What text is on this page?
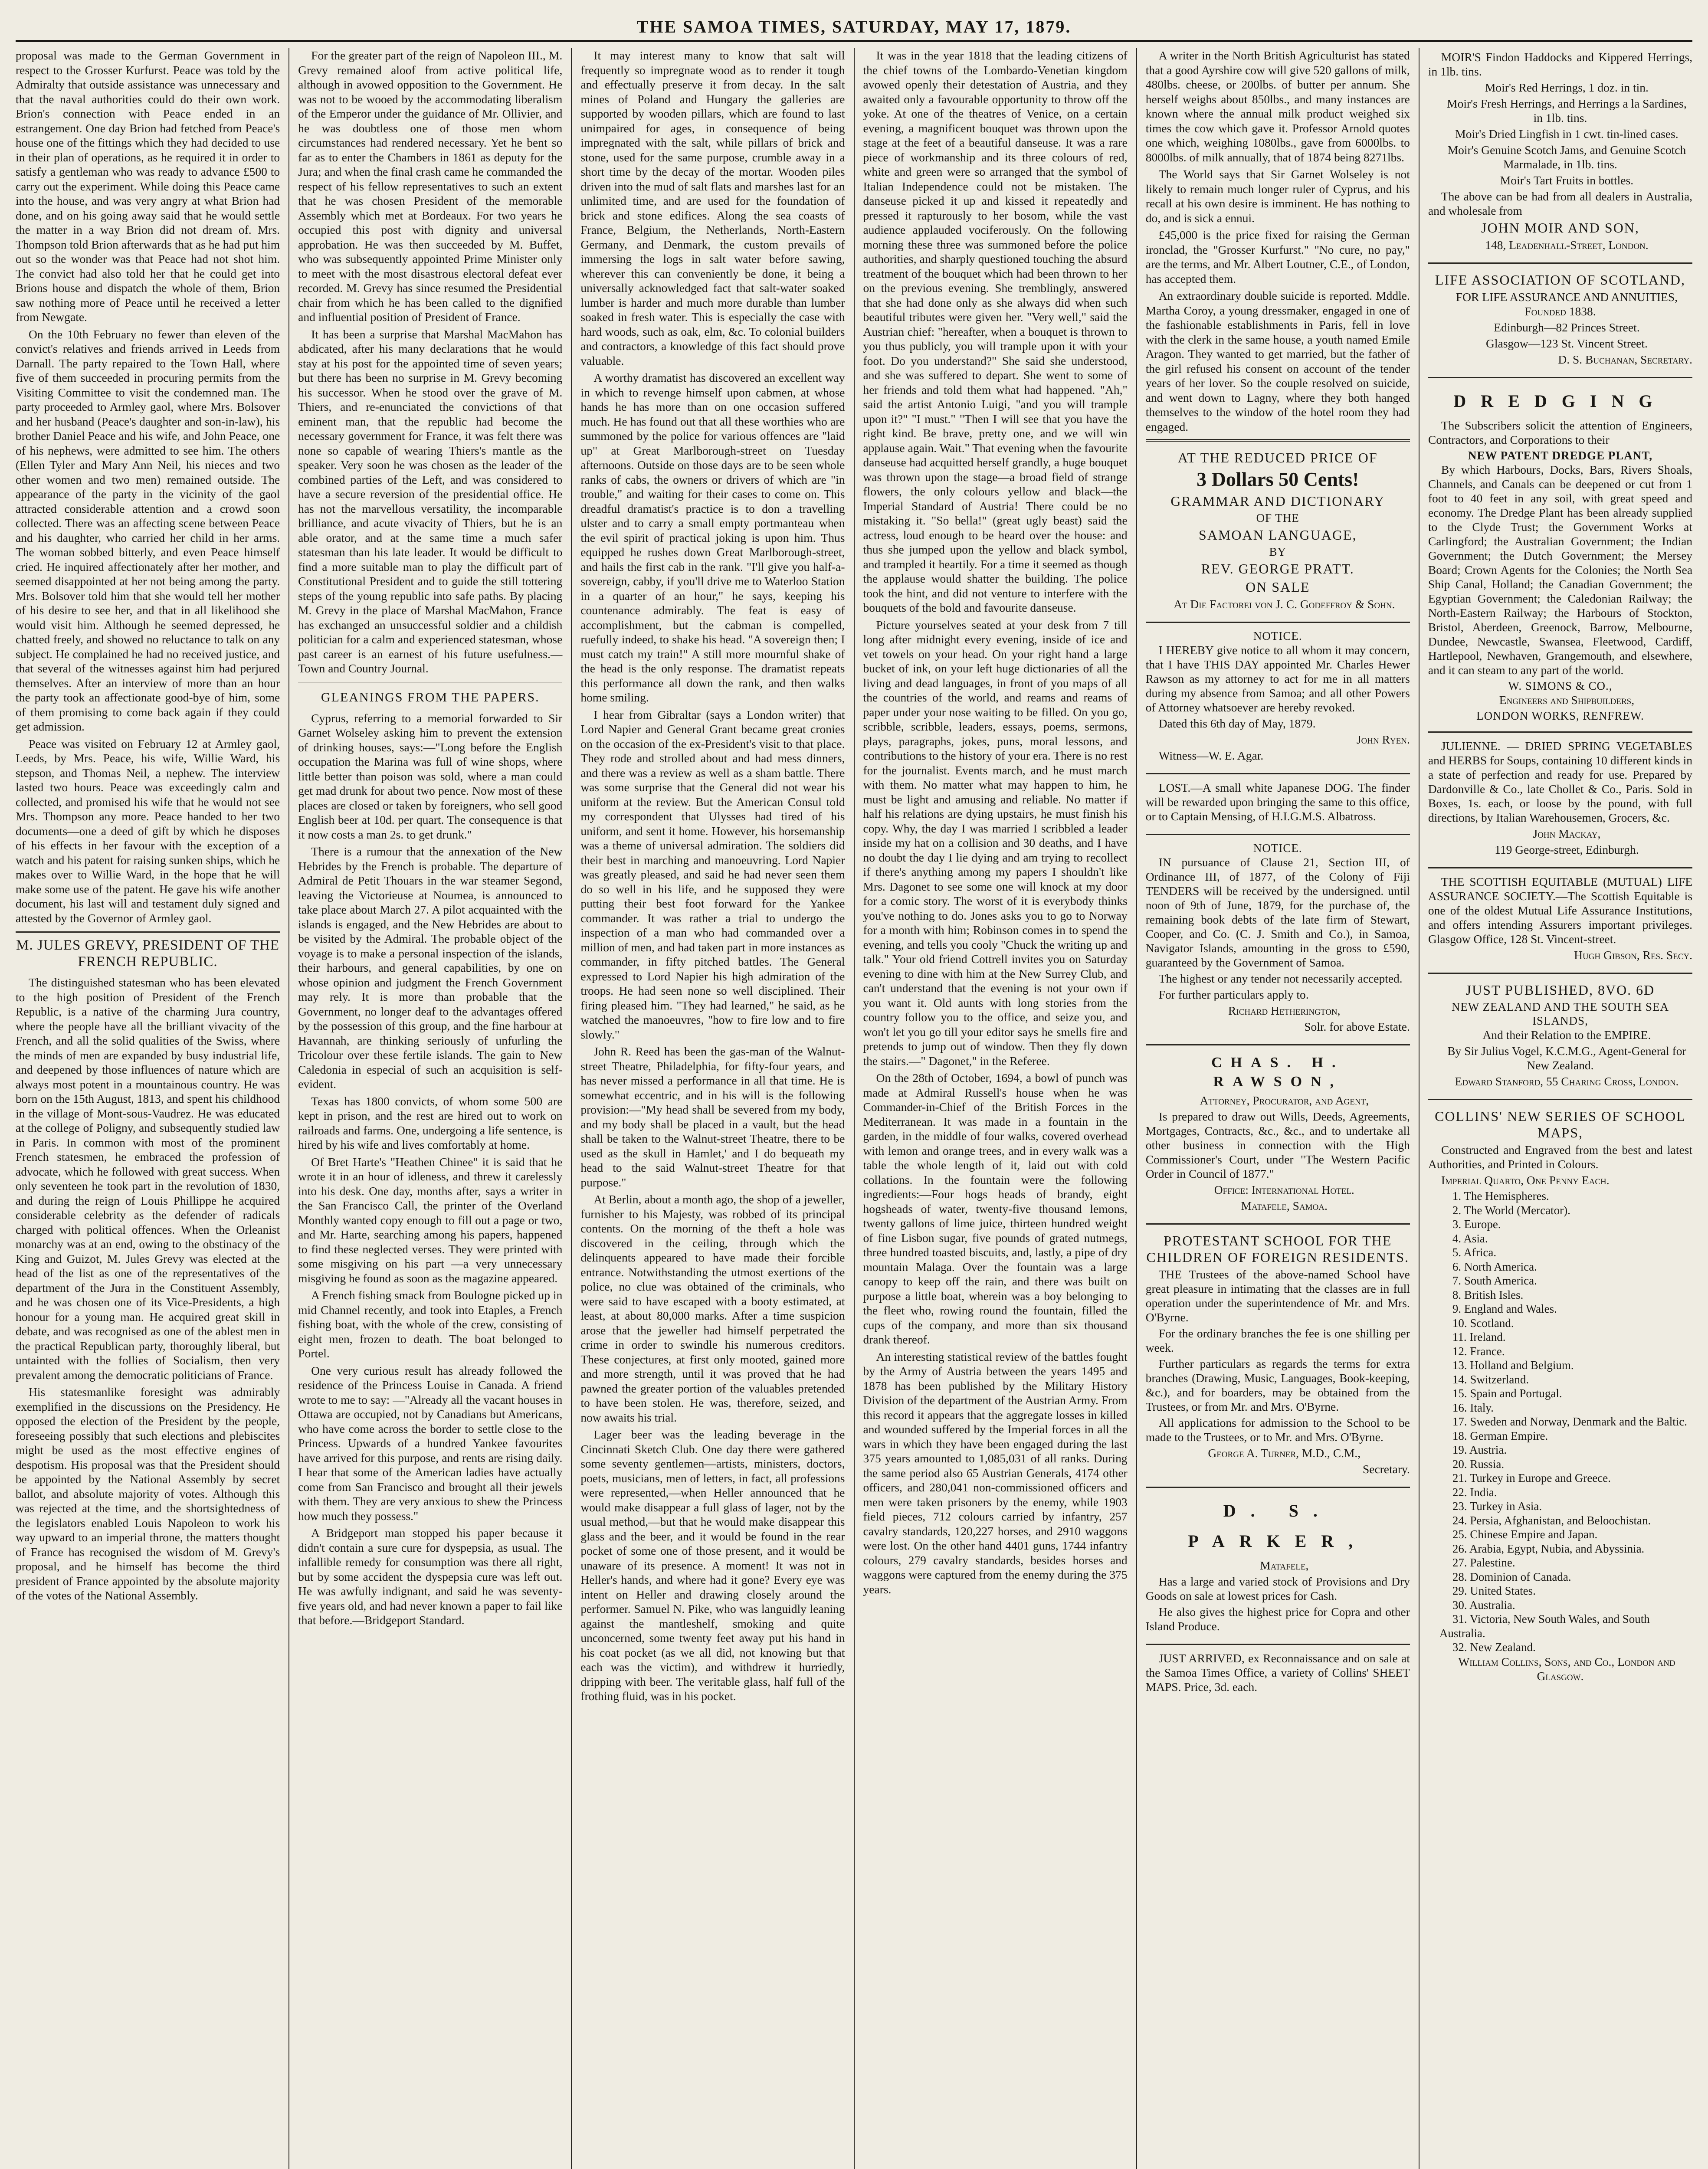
THE SAMOA TIMES, SATURDAY, MAY 17, 1879.

proposal was made to the German Government in respect to the Grosser Kurfurst. Peace was told by the Admiralty that outside assistance was unnecessary and that the naval authorities could do their own work. Brion's connection with Peace ended in an estrangement. One day Brion had fetched from Peace's house one of the fittings which they had decided to use in their plan of operations, as he required it in order to satisfy a gentleman who was ready to advance £500 to carry out the experiment. While doing this Peace came into the house, and was very angry at what Brion had done, and on his going away said that he would settle the matter in a way Brion did not dream of. Mrs. Thompson told Brion afterwards that as he had put him out so the wonder was that Peace had not shot him. The convict had also told her that he could get into Brions house and dispatch the whole of them, Brion saw nothing more of Peace until he received a letter from Newgate.

On the 10th February no fewer than eleven of the convict's relatives and friends arrived in Leeds from Darnall. The party repaired to the Town Hall, where five of them succeeded in procuring permits from the Visiting Committee to visit the condemned man. The party proceeded to Armley gaol, where Mrs. Bolsover and her husband (Peace's daughter and son-in-law), his brother Daniel Peace and his wife, and John Peace, one of his nephews, were admitted to see him. The others (Ellen Tyler and Mary Ann Neil, his nieces and two other women and two men) remained outside. The appearance of the party in the vicinity of the gaol attracted considerable attention and a crowd soon collected. There was an affecting scene between Peace and his daughter, who carried her child in her arms. The woman sobbed bitterly, and even Peace himself cried. He inquired affectionately after her mother, and seemed disappointed at her not being among the party. Mrs. Bolsover told him that she would tell her mother of his desire to see her, and that in all likelihood she would visit him. Although he seemed depressed, he chatted freely, and showed no reluctance to talk on any subject. He complained he had no received justice, and that several of the witnesses against him had perjured themselves. After an interview of more than an hour the party took an affectionate good-bye of him, some of them promising to come back again if they could get admission.

Peace was visited on February 12 at Armley gaol, Leeds, by Mrs. Peace, his wife, Willie Ward, his stepson, and Thomas Neil, a nephew. The interview lasted two hours. Peace was exceedingly calm and collected, and promised his wife that he would not see Mrs. Thompson any more. Peace handed to her two documents—one a deed of gift by which he disposes of his effects in her favour with the exception of a watch and his patent for raising sunken ships, which he makes over to Willie Ward, in the hope that he will make some use of the patent. He gave his wife another document, his last will and testament duly signed and attested by the Governor of Armley gaol.

M. JULES GREVY, PRESIDENT OF THE FRENCH REPUBLIC.

The distinguished statesman who has been elevated to the high position of President of the French Republic, is a native of the charming Jura country, where the people have all the brilliant vivacity of the French, and all the solid qualities of the Swiss, where the minds of men are expanded by busy industrial life, and deepened by those influences of nature which are always most potent in a mountainous country. He was born on the 15th August, 1813, and spent his childhood in the village of Mont-sous-Vaudrez. He was educated at the college of Poligny, and subsequently studied law in Paris. In common with most of the prominent French statesmen, he embraced the profession of advocate, which he followed with great success. When only seventeen he took part in the revolution of 1830, and during the reign of Louis Phillippe he acquired considerable celebrity as the defender of radicals charged with political offences. When the Orleanist monarchy was at an end, owing to the obstinacy of the King and Guizot, M. Jules Grevy was elected at the head of the list as one of the representatives of the department of the Jura in the Constituent Assembly, and he was chosen one of its Vice-Presidents, a high honour for a young man. He acquired great skill in debate, and was recognised as one of the ablest men in the practical Republican party, thoroughly liberal, but untainted with the follies of Socialism, then very prevalent among the democratic politicians of France.

His statesmanlike foresight was admirably exemplified in the discussions on the Presidency. He opposed the election of the President by the people, foreseeing possibly that such elections and plebiscites might be used as the most effective engines of despotism. His proposal was that the President should be appointed by the National Assembly by secret ballot, and absolute majority of votes. Although this was rejected at the time, and the shortsightedness of the legislators enabled Louis Napoleon to work his way upward to an imperial throne, the matters thought of France has recognised the wisdom of M. Grevy's proposal, and he himself has become the third president of France appointed by the absolute majority of the votes of the National Assembly.

For the greater part of the reign of Napoleon III., M. Grevy remained aloof from active political life, although in avowed opposition to the Government. He was not to be wooed by the accommodating liberalism of the Emperor under the guidance of Mr. Ollivier, and he was doubtless one of those men whom circumstances had rendered necessary. Yet he bent so far as to enter the Chambers in 1861 as deputy for the Jura; and when the final crash came he commanded the respect of his fellow representatives to such an extent that he was chosen President of the memorable Assembly which met at Bordeaux. For two years he occupied this post with dignity and universal approbation. He was then succeeded by M. Buffet, who was subsequently appointed Prime Minister only to meet with the most disastrous electoral defeat ever recorded. M. Grevy has since resumed the Presidential chair from which he has been called to the dignified and influential position of President of France.

It has been a surprise that Marshal MacMahon has abdicated, after his many declarations that he would stay at his post for the appointed time of seven years; but there has been no surprise in M. Grevy becoming his successor. When he stood over the grave of M. Thiers, and re-enunciated the convictions of that eminent man, that the republic had become the necessary government for France, it was felt there was none so capable of wearing Thiers's mantle as the speaker. Very soon he was chosen as the leader of the combined parties of the Left, and was considered to have a secure reversion of the presidential office. He has not the marvellous versatility, the incomparable brilliance, and acute vivacity of Thiers, but he is an able orator, and at the same time a much safer statesman than his late leader. It would be difficult to find a more suitable man to play the difficult part of Constitutional President and to guide the still tottering steps of the young republic into safe paths. By placing M. Grevy in the place of Marshal MacMahon, France has exchanged an unsuccessful soldier and a childish politician for a calm and experienced statesman, whose past career is an earnest of his future usefulness.—Town and Country Journal.

GLEANINGS FROM THE PAPERS.

Cyprus, referring to a memorial forwarded to Sir Garnet Wolseley asking him to prevent the extension of drinking houses, says:—"Long before the English occupation the Marina was full of wine shops, where little better than poison was sold, where a man could get mad drunk for about two pence. Now most of these places are closed or taken by foreigners, who sell good English beer at 10d. per quart. The consequence is that it now costs a man 2s. to get drunk."

There is a rumour that the annexation of the New Hebrides by the French is probable. The departure of Admiral de Petit Thouars in the war steamer Segond, leaving the Victorieuse at Noumea, is announced to take place about March 27. A pilot acquainted with the islands is engaged, and the New Hebrides are about to be visited by the Admiral. The probable object of the voyage is to make a personal inspection of the islands, their harbours, and general capabilities, by one on whose opinion and judgment the French Government may rely. It is more than probable that the Government, no longer deaf to the advantages offered by the possession of this group, and the fine harbour at Havannah, are thinking seriously of unfurling the Tricolour over these fertile islands. The gain to New Caledonia in especial of such an acquisition is self-evident.

Texas has 1800 convicts, of whom some 500 are kept in prison, and the rest are hired out to work on railroads and farms. One, undergoing a life sentence, is hired by his wife and lives comfortably at home.

Of Bret Harte's "Heathen Chinee" it is said that he wrote it in an hour of idleness, and threw it carelessly into his desk. One day, months after, says a writer in the San Francisco Call, the printer of the Overland Monthly wanted copy enough to fill out a page or two, and Mr. Harte, searching among his papers, happened to find these neglected verses. They were printed with some misgiving on his part —a very unnecessary misgiving he found as soon as the magazine appeared.

A French fishing smack from Boulogne picked up in mid Channel recently, and took into Etaples, a French fishing boat, with the whole of the crew, consisting of eight men, frozen to death. The boat belonged to Portel.

One very curious result has already followed the residence of the Princess Louise in Canada. A friend wrote to me to say: —"Already all the vacant houses in Ottawa are occupied, not by Canadians but Americans, who have come across the border to settle close to the Princess. Upwards of a hundred Yankee favourites have arrived for this purpose, and rents are rising daily. I hear that some of the American ladies have actually come from San Francisco and brought all their jewels with them. They are very anxious to shew the Princess how much they possess."

A Bridgeport man stopped his paper because it didn't contain a sure cure for dyspepsia, as usual. The infallible remedy for consumption was there all right, but by some accident the dyspepsia cure was left out. He was awfully indignant, and said he was seventy-five years old, and had never known a paper to fail like that before.—Bridgeport Standard.

It may interest many to know that salt will frequently so impregnate wood as to render it tough and effectually preserve it from decay. In the salt mines of Poland and Hungary the galleries are supported by wooden pillars, which are found to last unimpaired for ages, in consequence of being impregnated with the salt, while pillars of brick and stone, used for the same purpose, crumble away in a short time by the decay of the mortar. Wooden piles driven into the mud of salt flats and marshes last for an unlimited time, and are used for the foundation of brick and stone edifices. Along the sea coasts of France, Belgium, the Netherlands, North-Eastern Germany, and Denmark, the custom prevails of immersing the logs in salt water before sawing, wherever this can conveniently be done, it being a universally acknowledged fact that salt-water soaked lumber is harder and much more durable than lumber soaked in fresh water. This is especially the case with hard woods, such as oak, elm, &c. To colonial builders and contractors, a knowledge of this fact should prove valuable.

A worthy dramatist has discovered an excellent way in which to revenge himself upon cabmen, at whose hands he has more than on one occasion suffered much. He has found out that all these worthies who are summoned by the police for various offences are "laid up" at Great Marlborough-street on Tuesday afternoons. Outside on those days are to be seen whole ranks of cabs, the owners or drivers of which are "in trouble," and waiting for their cases to come on. This dreadful dramatist's practice is to don a travelling ulster and to carry a small empty portmanteau when the evil spirit of practical joking is upon him. Thus equipped he rushes down Great Marlborough-street, and hails the first cab in the rank. "I'll give you half-a-sovereign, cabby, if you'll drive me to Waterloo Station in a quarter of an hour," he says, keeping his countenance admirably. The feat is easy of accomplishment, but the cabman is compelled, ruefully indeed, to shake his head. "A sovereign then; I must catch my train!" A still more mournful shake of the head is the only response. The dramatist repeats this performance all down the rank, and then walks home smiling.

I hear from Gibraltar (says a London writer) that Lord Napier and General Grant became great cronies on the occasion of the ex-President's visit to that place. They rode and strolled about and had mess dinners, and there was a review as well as a sham battle. There was some surprise that the General did not wear his uniform at the review. But the American Consul told my correspondent that Ulysses had tired of his uniform, and sent it home. However, his horsemanship was a theme of universal admiration. The soldiers did their best in marching and manoeuvring. Lord Napier was greatly pleased, and said he had never seen them do so well in his life, and he supposed they were putting their best foot forward for the Yankee commander. It was rather a trial to undergo the inspection of a man who had commanded over a million of men, and had taken part in more instances as commander, in fifty pitched battles. The General expressed to Lord Napier his high admiration of the troops. He had seen none so well disciplined. Their firing pleased him. "They had learned," he said, as he watched the manoeuvres, "how to fire low and to fire slowly."

John R. Reed has been the gas-man of the Walnut-street Theatre, Philadelphia, for fifty-four years, and has never missed a performance in all that time. He is somewhat eccentric, and in his will is the following provision:—"My head shall be severed from my body, and my body shall be placed in a vault, but the head shall be taken to the Walnut-street Theatre, there to be used as the skull in Hamlet,' and I do bequeath my head to the said Walnut-street Theatre for that purpose."

At Berlin, about a month ago, the shop of a jeweller, furnisher to his Majesty, was robbed of its principal contents. On the morning of the theft a hole was discovered in the ceiling, through which the delinquents appeared to have made their forcible entrance. Notwithstanding the utmost exertions of the police, no clue was obtained of the criminals, who were said to have escaped with a booty estimated, at least, at about 80,000 marks. After a time suspicion arose that the jeweller had himself perpetrated the crime in order to swindle his numerous creditors. These conjectures, at first only mooted, gained more and more strength, until it was proved that he had pawned the greater portion of the valuables pretended to have been stolen. He was, therefore, seized, and now awaits his trial.

Lager beer was the leading beverage in the Cincinnati Sketch Club. One day there were gathered some seventy gentlemen—artists, ministers, doctors, poets, musicians, men of letters, in fact, all professions were represented,—when Heller announced that he would make disappear a full glass of lager, not by the usual method,—but that he would make disappear this glass and the beer, and it would be found in the rear pocket of some one of those present, and it would be unaware of its presence. A moment! It was not in Heller's hands, and where had it gone? Every eye was intent on Heller and drawing closely around the performer. Samuel N. Pike, who was languidly leaning against the mantleshelf, smoking and quite unconcerned, some twenty feet away put his hand in his coat pocket (as we all did, not knowing but that each was the victim), and withdrew it hurriedly, dripping with beer. The veritable glass, half full of the frothing fluid, was in his pocket.

It was in the year 1818 that the leading citizens of the chief towns of the Lombardo-Venetian kingdom avowed openly their detestation of Austria, and they awaited only a favourable opportunity to throw off the yoke. At one of the theatres of Venice, on a certain evening, a magnificent bouquet was thrown upon the stage at the feet of a beautiful danseuse. It was a rare piece of workmanship and its three colours of red, white and green were so arranged that the symbol of Italian Independence could not be mistaken. The danseuse picked it up and kissed it repeatedly and pressed it rapturously to her bosom, while the vast audience applauded vociferously. On the following morning these three was summoned before the police authorities, and sharply questioned touching the absurd treatment of the bouquet which had been thrown to her on the previous evening. She tremblingly, answered that she had done only as she always did when such beautiful tributes were given her. "Very well," said the Austrian chief: "hereafter, when a bouquet is thrown to you thus publicly, you will trample upon it with your foot. Do you understand?" She said she understood, and she was suffered to depart. She went to some of her friends and told them what had happened. "Ah," said the artist Antonio Luigi, "and you will trample upon it?" "I must." "Then I will see that you have the right kind. Be brave, pretty one, and we will win applause again. Wait." That evening when the favourite danseuse had acquitted herself grandly, a huge bouquet was thrown upon the stage—a broad field of strange flowers, the only colours yellow and black—the Imperial Standard of Austria! There could be no mistaking it. "So bella!" (great ugly beast) said the actress, loud enough to be heard over the house: and thus she jumped upon the yellow and black symbol, and trampled it heartily. For a time it seemed as though the applause would shatter the building. The police took the hint, and did not venture to interfere with the bouquets of the bold and favourite danseuse.

Picture yourselves seated at your desk from 7 till long after midnight every evening, inside of ice and vet towels on your head. On your right hand a large bucket of ink, on your left huge dictionaries of all the living and dead languages, in front of you maps of all the countries of the world, and reams and reams of paper under your nose waiting to be filled. On you go, scribble, scribble, leaders, essays, poems, sermons, plays, paragraphs, jokes, puns, moral lessons, and contributions to the history of your era. There is no rest for the journalist. Events march, and he must march with them. No matter what may happen to him, he must be light and amusing and reliable. No matter if half his relations are dying upstairs, he must finish his copy. Why, the day I was married I scribbled a leader inside my hat on a collision and 30 deaths, and I have no doubt the day I lie dying and am trying to recollect if there's anything among my papers I shouldn't like Mrs. Dagonet to see some one will knock at my door for a comic story. The worst of it is everybody thinks you've nothing to do. Jones asks you to go to Norway for a month with him; Robinson comes in to spend the evening, and tells you cooly "Chuck the writing up and talk." Your old friend Cottrell invites you on Saturday evening to dine with him at the New Surrey Club, and can't understand that the evening is not your own if you want it. Old aunts with long stories from the country follow you to the office, and seize you, and won't let you go till your editor says he smells fire and pretends to jump out of window. Then they fly down the stairs.—" Dagonet," in the Referee.

On the 28th of October, 1694, a bowl of punch was made at Admiral Russell's house when he was Commander-in-Chief of the British Forces in the Mediterranean. It was made in a fountain in the garden, in the middle of four walks, covered overhead with lemon and orange trees, and in every walk was a table the whole length of it, laid out with cold collations. In the fountain were the following ingredients:—Four hogs heads of brandy, eight hogsheads of water, twenty-five thousand lemons, twenty gallons of lime juice, thirteen hundred weight of fine Lisbon sugar, five pounds of grated nutmegs, three hundred toasted biscuits, and, lastly, a pipe of dry mountain Malaga. Over the fountain was a large canopy to keep off the rain, and there was built on purpose a little boat, wherein was a boy belonging to the fleet who, rowing round the fountain, filled the cups of the company, and more than six thousand drank thereof.

An interesting statistical review of the battles fought by the Army of Austria between the years 1495 and 1878 has been published by the Military History Division of the department of the Austrian Army. From this record it appears that the aggregate losses in killed and wounded suffered by the Imperial forces in all the wars in which they have been engaged during the last 375 years amounted to 1,085,031 of all ranks. During the same period also 65 Austrian Generals, 4174 other officers, and 280,041 non-commissioned officers and men were taken prisoners by the enemy, while 1903 field pieces, 712 colours carried by infantry, 257 cavalry standards, 120,227 horses, and 2910 waggons were lost. On the other hand 4401 guns, 1744 infantry colours, 279 cavalry standards, besides horses and waggons were captured from the enemy during the 375 years.

A writer in the North British Agriculturist has stated that a good Ayrshire cow will give 520 gallons of milk, 480lbs. cheese, or 200lbs. of butter per annum. She herself weighs about 850lbs., and many instances are known where the annual milk product weighed six times the cow which gave it. Professor Arnold quotes one which, weighing 1080lbs., gave from 6000lbs. to 8000lbs. of milk annually, that of 1874 being 8271lbs.

The World says that Sir Garnet Wolseley is not likely to remain much longer ruler of Cyprus, and his recall at his own desire is imminent. He has nothing to do, and is sick a ennui.

£45,000 is the price fixed for raising the German ironclad, the "Grosser Kurfurst." "No cure, no pay," are the terms, and Mr. Albert Loutner, C.E., of London, has accepted them.

An extraordinary double suicide is reported. Mddle. Martha Coroy, a young dressmaker, engaged in one of the fashionable establishments in Paris, fell in love with the clerk in the same house, a youth named Emile Aragon. They wanted to get married, but the father of the girl refused his consent on account of the tender years of her lover. So the couple resolved on suicide, and went down to Lagny, where they both hanged themselves to the window of the hotel room they had engaged.

AT THE REDUCED PRICE OF
3 Dollars 50 Cents!
GRAMMAR AND DICTIONARY
OF THE
SAMOAN LANGUAGE,
BY
REV. GEORGE PRATT.
ON SALE

At Die Factorei von J. C. Godeffroy & Sohn.

NOTICE.

I HEREBY give notice to all whom it may concern, that I have THIS DAY appointed Mr. Charles Hewer Rawson as my attorney to act for me in all matters during my absence from Samoa; and all other Powers of Attorney whatsoever are hereby revoked.

Dated this 6th day of May, 1879.

John Ryen.

Witness—W. E. Agar.

LOST.—A small white Japanese DOG. The finder will be rewarded upon bringing the same to this office, or to Captain Mensing, of H.I.G.M.S. Albatross.

NOTICE.

IN pursuance of Clause 21, Section III, of Ordinance III, of 1877, of the Colony of Fiji TENDERS will be received by the undersigned. until noon of 9th of June, 1879, for the purchase of, the remaining book debts of the late firm of Stewart, Cooper, and Co. (C. J. Smith and Co.), in Samoa, Navigator Islands, amounting in the gross to £590, guaranteed by the Government of Samoa.

The highest or any tender not necessarily accepted.

For further particulars apply to.

Richard Hetherington,

Solr. for above Estate.

CHAS. H. RAWSON,

Attorney, Procurator, and Agent,

Is prepared to draw out Wills, Deeds, Agreements, Mortgages, Contracts, &c., &c., and to undertake all other business in connection with the High Commissioner's Court, under "The Western Pacific Order in Council of 1877."

Office: International Hotel.

Matafele, Samoa.

PROTESTANT SCHOOL FOR THE CHILDREN OF FOREIGN RESIDENTS.

THE Trustees of the above-named School have great pleasure in intimating that the classes are in full operation under the superintendence of Mr. and Mrs. O'Byrne.

For the ordinary branches the fee is one shilling per week.

Further particulars as regards the terms for extra branches (Drawing, Music, Languages, Book-keeping, &c.), and for boarders, may be obtained from the Trustees, or from Mr. and Mrs. O'Byrne.

All applications for admission to the School to be made to the Trustees, or to Mr. and Mrs. O'Byrne.

George A. Turner, M.D., C.M.,

Secretary.

D. S. PARKER,

Matafele,

Has a large and varied stock of Provisions and Dry Goods on sale at lowest prices for Cash.

He also gives the highest price for Copra and other Island Produce.

JUST ARRIVED, ex Reconnaissance and on sale at the Samoa Times Office, a variety of Collins' SHEET MAPS. Price, 3d. each.

MOIR'S Findon Haddocks and Kippered Herrings, in 1lb. tins.

Moir's Red Herrings, 1 doz. in tin.

Moir's Fresh Herrings, and Herrings a la Sardines, in 1lb. tins.

Moir's Dried Lingfish in 1 cwt. tin-lined cases.

Moir's Genuine Scotch Jams, and Genuine Scotch Marmalade, in 1lb. tins.

Moir's Tart Fruits in bottles.

The above can be had from all dealers in Australia, and wholesale from

JOHN MOIR AND SON,

148, Leadenhall-Street, London.

LIFE ASSOCIATION OF SCOTLAND,

FOR LIFE ASSURANCE AND ANNUITIES, Founded 1838.

Edinburgh—82 Princes Street.

Glasgow—123 St. Vincent Street.

D. S. Buchanan, Secretary.

DREDGING

The Subscribers solicit the attention of Engineers, Contractors, and Corporations to their

NEW PATENT DREDGE PLANT,

By which Harbours, Docks, Bars, Rivers Shoals, Channels, and Canals can be deepened or cut from 1 foot to 40 feet in any soil, with great speed and economy. The Dredge Plant has been already supplied to the Clyde Trust; the Government Works at Carlingford; the Australian Government; the Indian Government; the Dutch Government; the Mersey Board; Crown Agents for the Colonies; the North Sea Ship Canal, Holland; the Canadian Government; the Egyptian Government; the Caledonian Railway; the North-Eastern Railway; the Harbours of Stockton, Bristol, Aberdeen, Greenock, Barrow, Melbourne, Dundee, Newcastle, Swansea, Fleetwood, Cardiff, Hartlepool, Newhaven, Grangemouth, and elsewhere, and it can steam to any part of the world.

W. SIMONS & CO.,

Engineers and Shipbuilders,

LONDON WORKS, RENFREW.

JULIENNE. — DRIED SPRING VEGETABLES and HERBS for Soups, containing 10 different kinds in a state of perfection and ready for use. Prepared by Dardonville & Co., late Chollet & Co., Paris. Sold in Boxes, 1s. each, or loose by the pound, with full directions, by Italian Warehousemen, Grocers, &c.

John Mackay,

119 George-street, Edinburgh.

THE SCOTTISH EQUITABLE (MUTUAL) LIFE ASSURANCE SOCIETY.—The Scottish Equitable is one of the oldest Mutual Life Assurance Institutions, and offers intending Assurers important privileges. Glasgow Office, 128 St. Vincent-street.

Hugh Gibson, Res. Secy.

JUST PUBLISHED, 8VO. 6D
NEW ZEALAND AND THE SOUTH SEA ISLANDS,

And their Relation to the EMPIRE.

By Sir Julius Vogel, K.C.M.G., Agent-General for New Zealand.

Edward Stanford, 55 Charing Cross, London.

COLLINS' NEW SERIES OF SCHOOL MAPS,

Constructed and Engraved from the best and latest Authorities, and Printed in Colours.

Imperial Quarto, One Penny Each.

1. The Hemispheres.

2. The World (Mercator).

3. Europe.

4. Asia.

5. Africa.

6. North America.

7. South America.

8. British Isles.

9. England and Wales.

10. Scotland.

11. Ireland.

12. France.

13. Holland and Belgium.

14. Switzerland.

15. Spain and Portugal.

16. Italy.

17. Sweden and Norway, Denmark and the Baltic.

18. German Empire.

19. Austria.

20. Russia.

21. Turkey in Europe and Greece.

22. India.

23. Turkey in Asia.

24. Persia, Afghanistan, and Beloochistan.

25. Chinese Empire and Japan.

26. Arabia, Egypt, Nubia, and Abyssinia.

27. Palestine.

28. Dominion of Canada.

29. United States.

30. Australia.

31. Victoria, New South Wales, and South Australia.

32. New Zealand.

William Collins, Sons, and Co., London and Glasgow.
